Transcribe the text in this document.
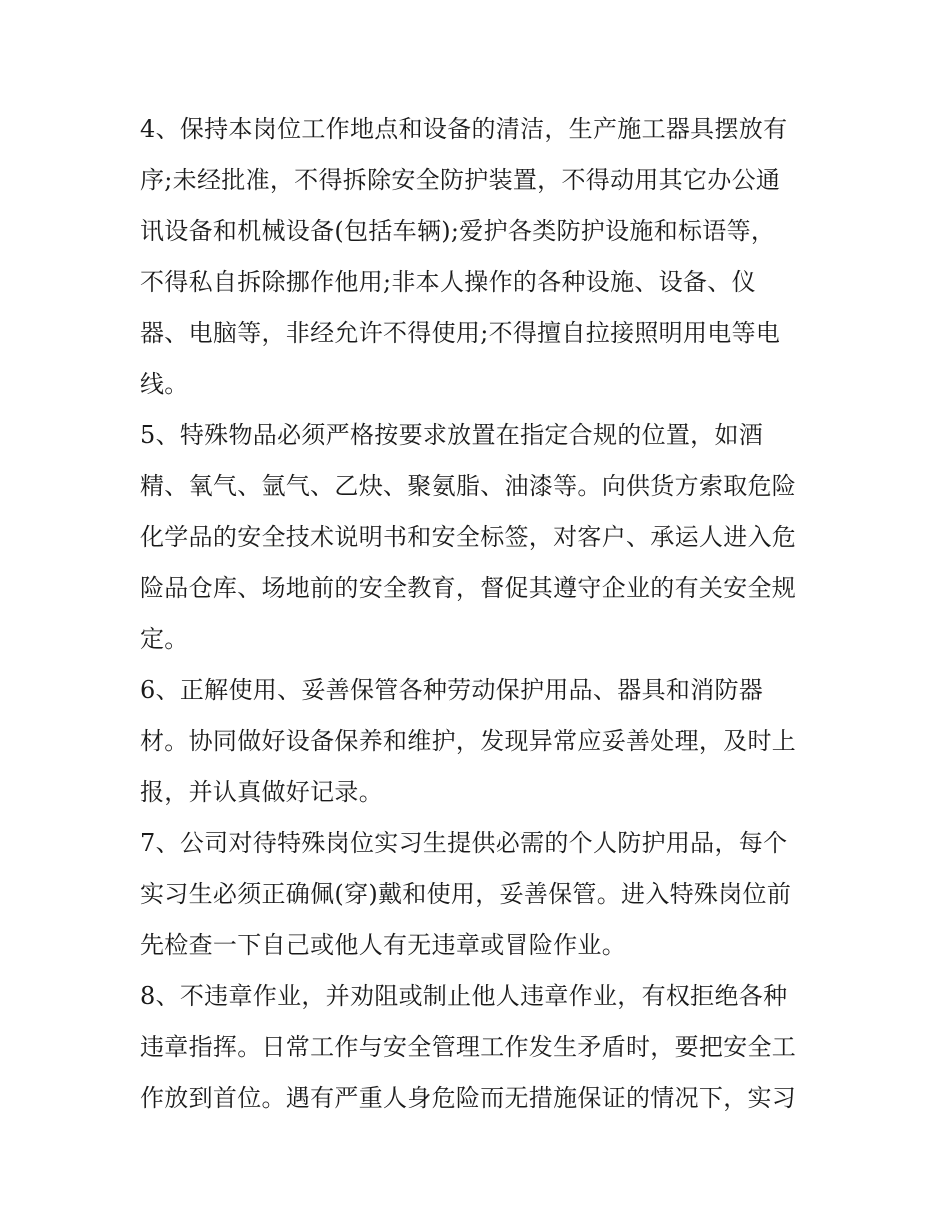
4、保持本岗位工作地点和设备的清洁，生产施工器具摆放有
序;未经批准，不得拆除安全防护装置，不得动用其它办公通
讯设备和机械设备(包括车辆);爱护各类防护设施和标语等，
不得私自拆除挪作他用;非本人操作的各种设施、设备、仪
器、电脑等，非经允许不得使用;不得擅自拉接照明用电等电
线。
5、特殊物品必须严格按要求放置在指定合规的位置，如酒
精、氧气、氩气、乙炔、聚氨脂、油漆等。向供货方索取危险
化学品的安全技术说明书和安全标签，对客户、承运人进入危
险品仓库、场地前的安全教育，督促其遵守企业的有关安全规
定。
6、正解使用、妥善保管各种劳动保护用品、器具和消防器
材。协同做好设备保养和维护，发现异常应妥善处理，及时上
报，并认真做好记录。
7、公司对待特殊岗位实习生提供必需的个人防护用品，每个
实习生必须正确佩(穿)戴和使用，妥善保管。进入特殊岗位前
先检查一下自己或他人有无违章或冒险作业。
8、不违章作业，并劝阻或制止他人违章作业，有权拒绝各种
违章指挥。日常工作与安全管理工作发生矛盾时，要把安全工
作放到首位。遇有严重人身危险而无措施保证的情况下，实习
